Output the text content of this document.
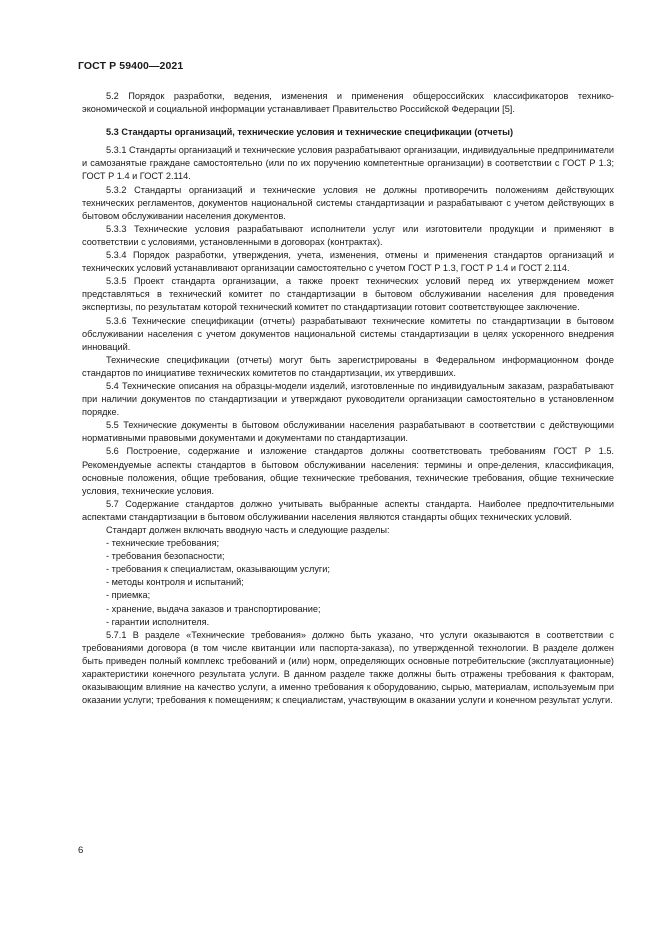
ГОСТ Р 59400—2021

5.2 Порядок разработки, ведения, изменения и применения общероссийских классификаторов технико-экономической и социальной информации устанавливает Правительство Российской Федерации [5].

5.3 Стандарты организаций, технические условия и технические спецификации (отчеты)

5.3.1 Стандарты организаций и технические условия разрабатывают организации, индивидуальные предприниматели и самозанятые граждане самостоятельно (или по их поручению компетентные организации) в соответствии с ГОСТ Р 1.3; ГОСТ Р 1.4 и ГОСТ 2.114.

5.3.2 Стандарты организаций и технические условия не должны противоречить положениям действующих технических регламентов, документов национальной системы стандартизации и разрабатывают с учетом действующих в бытовом обслуживании населения документов.

5.3.3 Технические условия разрабатывают исполнители услуг или изготовители продукции и применяют в соответствии с условиями, установленными в договорах (контрактах).

5.3.4 Порядок разработки, утверждения, учета, изменения, отмены и применения стандартов организаций и технических условий устанавливают организации самостоятельно с учетом ГОСТ Р 1.3, ГОСТ Р 1.4 и ГОСТ 2.114.

5.3.5 Проект стандарта организации, а также проект технических условий перед их утверждением может представляться в технический комитет по стандартизации в бытовом обслуживании населения для проведения экспертизы, по результатам которой технический комитет по стандартизации готовит соответствующее заключение.

5.3.6 Технические спецификации (отчеты) разрабатывают технические комитеты по стандартизации в бытовом обслуживании населения с учетом документов национальной системы стандартизации в целях ускоренного внедрения инноваций.

Технические спецификации (отчеты) могут быть зарегистрированы в Федеральном информационном фонде стандартов по инициативе технических комитетов по стандартизации, их утвердивших.

5.4 Технические описания на образцы-модели изделий, изготовленные по индивидуальным заказам, разрабатывают при наличии документов по стандартизации и утверждают руководители организации самостоятельно в установленном порядке.

5.5 Технические документы в бытовом обслуживании населения разрабатывают в соответствии с действующими нормативными правовыми документами и документами по стандартизации.

5.6 Построение, содержание и изложение стандартов должны соответствовать требованиям ГОСТ Р 1.5. Рекомендуемые аспекты стандартов в бытовом обслуживании населения: термины и опре-деления, классификация, основные положения, общие требования, общие технические требования, технические требования, общие технические условия, технические условия.

5.7 Содержание стандартов должно учитывать выбранные аспекты стандарта. Наиболее предпочтительными аспектами стандартизации в бытовом обслуживании населения являются стандарты общих технических условий.

Стандарт должен включать вводную часть и следующие разделы:

- технические требования;
- требования безопасности;
- требования к специалистам, оказывающим услуги;
- методы контроля и испытаний;
- приемка;
- хранение, выдача заказов и транспортирование;
- гарантии исполнителя.

5.7.1 В разделе «Технические требования» должно быть указано, что услуги оказываются в соответствии с требованиями договора (в том числе квитанции или паспорта-заказа), по утвержденной технологии. В разделе должен быть приведен полный комплекс требований и (или) норм, определяющих основные потребительские (эксплуатационные) характеристики конечного результата услуги. В данном разделе также должны быть отражены требования к факторам, оказывающим влияние на качество услуги, а именно требования к оборудованию, сырью, материалам, используемым при оказании услуги; требования к помещениям; к специалистам, участвующим в оказании услуги и конечном результат услуги.

6
